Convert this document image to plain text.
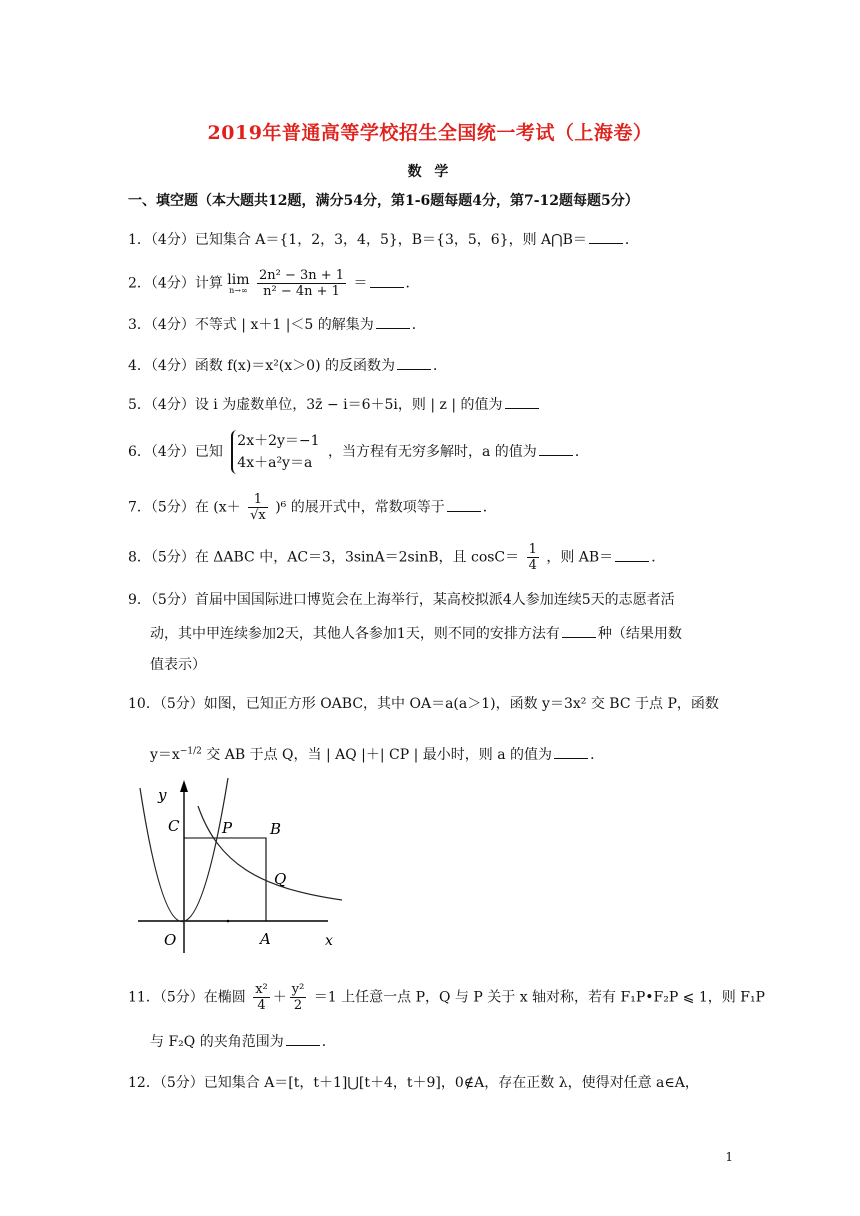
2019年普通高等学校招生全国统一考试（上海卷）
数 学
一、填空题（本大题共12题，满分54分，第1-6题每题4分，第7-12题每题5分）
1．（4分）已知集合 A＝{1，2，3，4，5}，B＝{3，5，6}，则 A⋂B＝	．
2．（4分）计算 lim
n→∞
$\frac{\text{2n² − 3n + 1}}{\text{n² − 4n + 1}}$ ＝	．
3．（4分）不等式 | x＋1 |＜5 的解集为	．
4．（4分）函数 f(x)＝x²(x＞0) 的反函数为	．
5．（4分）设 i 为虚数单位，3z̄ − i＝6＋5i，则 | z | 的值为
6．（4分）已知
2x＋2y＝−1
4x＋a²y＝a
，当方程有无穷多解时，a 的值为	．
7．（5分）在 $(x+ \frac{1}{√x} )^6$ 的展开式中，常数项等于	．
8．（5分）在 ΔABC 中，AC＝3，3sinA＝2sinB，且 $\cos C= \frac{1}{4}$ ，则 AB＝	．
9．（5分）首届中国国际进口博览会在上海举行，某高校拟派4人参加连续5天的志愿者活
动，其中甲连续参加2天，其他人各参加1天，则不同的安排方法有	种（结果用数
值表示）
10．（5分）如图，已知正方形 OABC，其中 OA＝a(a＞1)，函数 y＝3x² 交 BC 于点 P，函数
$y=x^{-1/2}$ 交 AB 于点 Q，当 | AQ |＋| CP | 最小时，则 a 的值为	．
y
x
O	A
B
C	P
Q
11．（5分）在椭圆 $\frac{\text{x²}}{4} + \frac{\text{y²}}{2} =1$ 上任意一点 P，Q 与 P 关于 x 轴对称，若有 F₁P•F₂P ⩽ 1，则 F₁P
与 F₂Q 的夹角范围为	．
12．（5分）已知集合 A＝[t，t＋1]⋃[t＋4，t＋9]，0∉A，存在正数 λ，使得对任意 a∈A，
1
